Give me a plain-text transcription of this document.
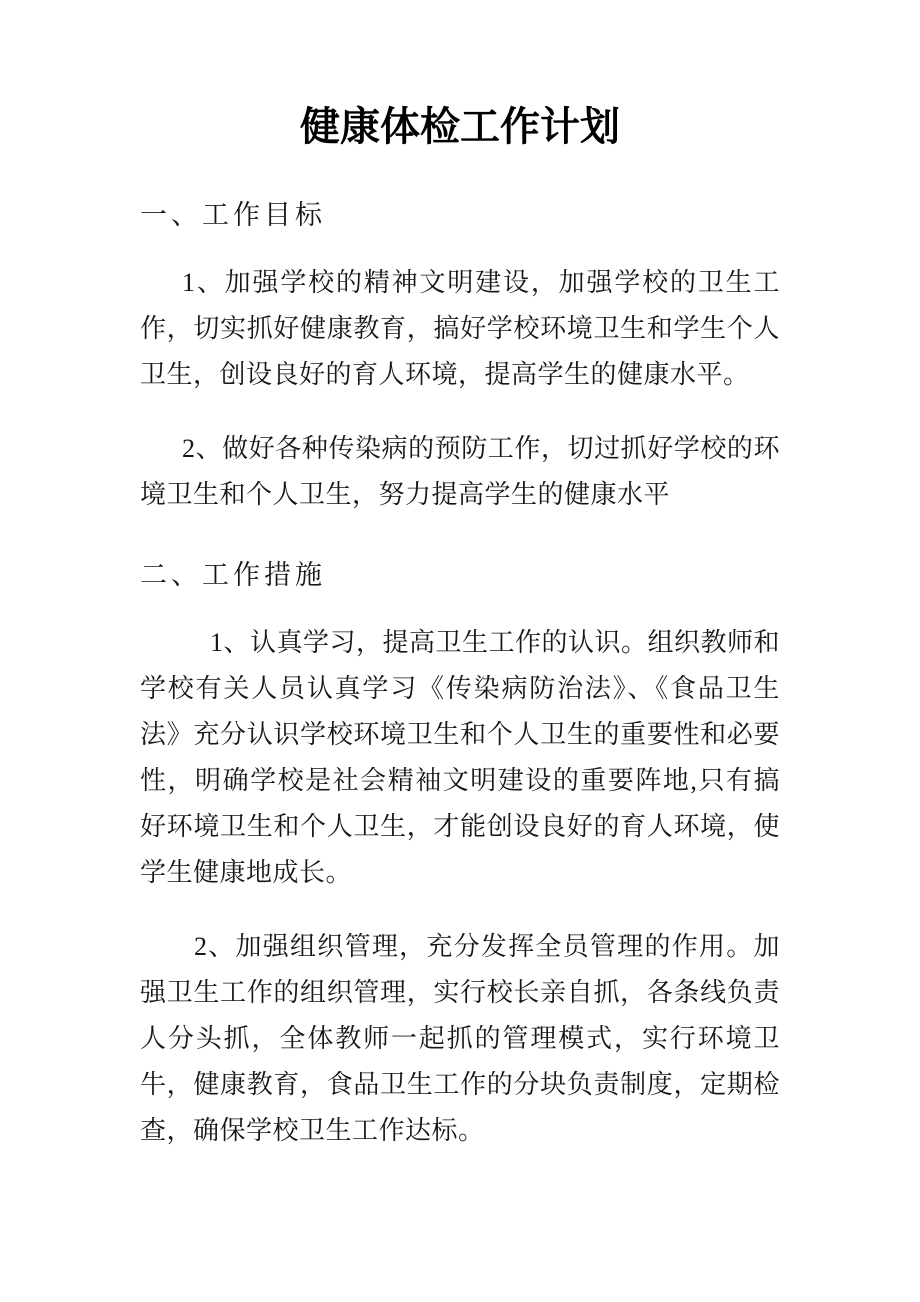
健康体检工作计划
一、工作目标

1、加强学校的精神文明建设，加强学校的卫生工作，切实抓好健康教育，搞好学校环境卫生和学生个人卫生，创设良好的育人环境，提高学生的健康水平。

2、做好各种传染病的预防工作，切过抓好学校的环境卫生和个人卫生，努力提高学生的健康水平

二、工作措施

1、认真学习，提高卫生工作的认识。组织教师和学校有关人员认真学习《传染病防治法》、《食品卫生法》充分认识学校环境卫生和个人卫生的重要性和必要性，明确学校是社会精袖文明建设的重要阵地,只有搞好环境卫生和个人卫生，才能创设良好的育人环境，使学生健康地成长。

2、加强组织管理，充分发挥全员管理的作用。加强卫生工作的组织管理，实行校长亲自抓，各条线负责人分头抓，全体教师一起抓的管理模式，实行环境卫牛，健康教育，食品卫生工作的分块负责制度，定期检查，确保学校卫生工作达标。
